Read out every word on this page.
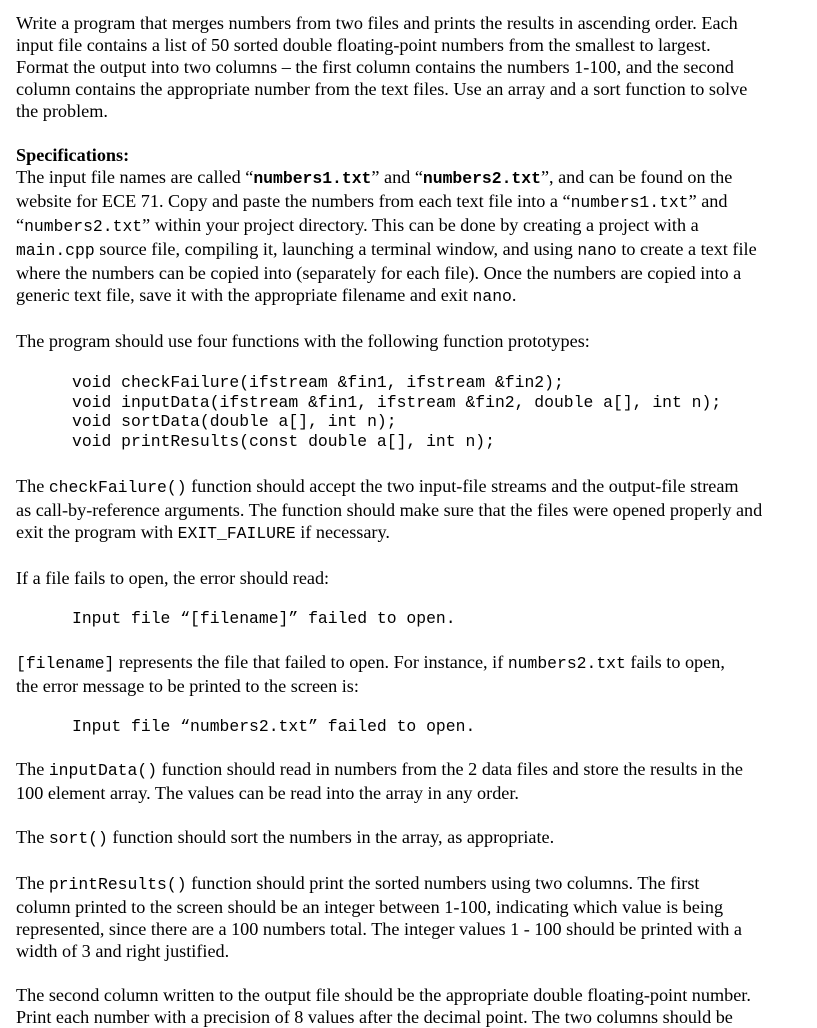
Write a program that merges numbers from two files and prints the results in ascending order. Each

input file contains a list of 50 sorted double floating-point numbers from the smallest to largest.

Format the output into two columns – the first column contains the numbers 1-100, and the second

column contains the appropriate number from the text files. Use an array and a sort function to solve

the problem.

Specifications:

The input file names are called “numbers1.txt” and “numbers2.txt”, and can be found on the

website for ECE 71. Copy and paste the numbers from each text file into a “numbers1.txt” and

“numbers2.txt” within your project directory. This can be done by creating a project with a

main.cpp source file, compiling it, launching a terminal window, and using nano to create a text file

where the numbers can be copied into (separately for each file). Once the numbers are copied into a

generic text file, save it with the appropriate filename and exit nano.

The program should use four functions with the following function prototypes:

void checkFailure(ifstream &fin1, ifstream &fin2);
void inputData(ifstream &fin1, ifstream &fin2, double a[], int n);
void sortData(double a[], int n);
void printResults(const double a[], int n);

The checkFailure() function should accept the two input-file streams and the output-file stream

as call-by-reference arguments. The function should make sure that the files were opened properly and

exit the program with EXIT_FAILURE if necessary.

If a file fails to open, the error should read:

Input file “[filename]” failed to open.

[filename] represents the file that failed to open. For instance, if numbers2.txt fails to open,

the error message to be printed to the screen is:

Input file “numbers2.txt” failed to open.

The inputData() function should read in numbers from the 2 data files and store the results in the

100 element array. The values can be read into the array in any order.

The sort() function should sort the numbers in the array, as appropriate.

The printResults() function should print the sorted numbers using two columns. The first

column printed to the screen should be an integer between 1-100, indicating which value is being

represented, since there are a 100 numbers total. The integer values 1 - 100 should be printed with a

width of 3 and right justified.

The second column written to the output file should be the appropriate double floating-point number.

Print each number with a precision of 8 values after the decimal point. The two columns should be
